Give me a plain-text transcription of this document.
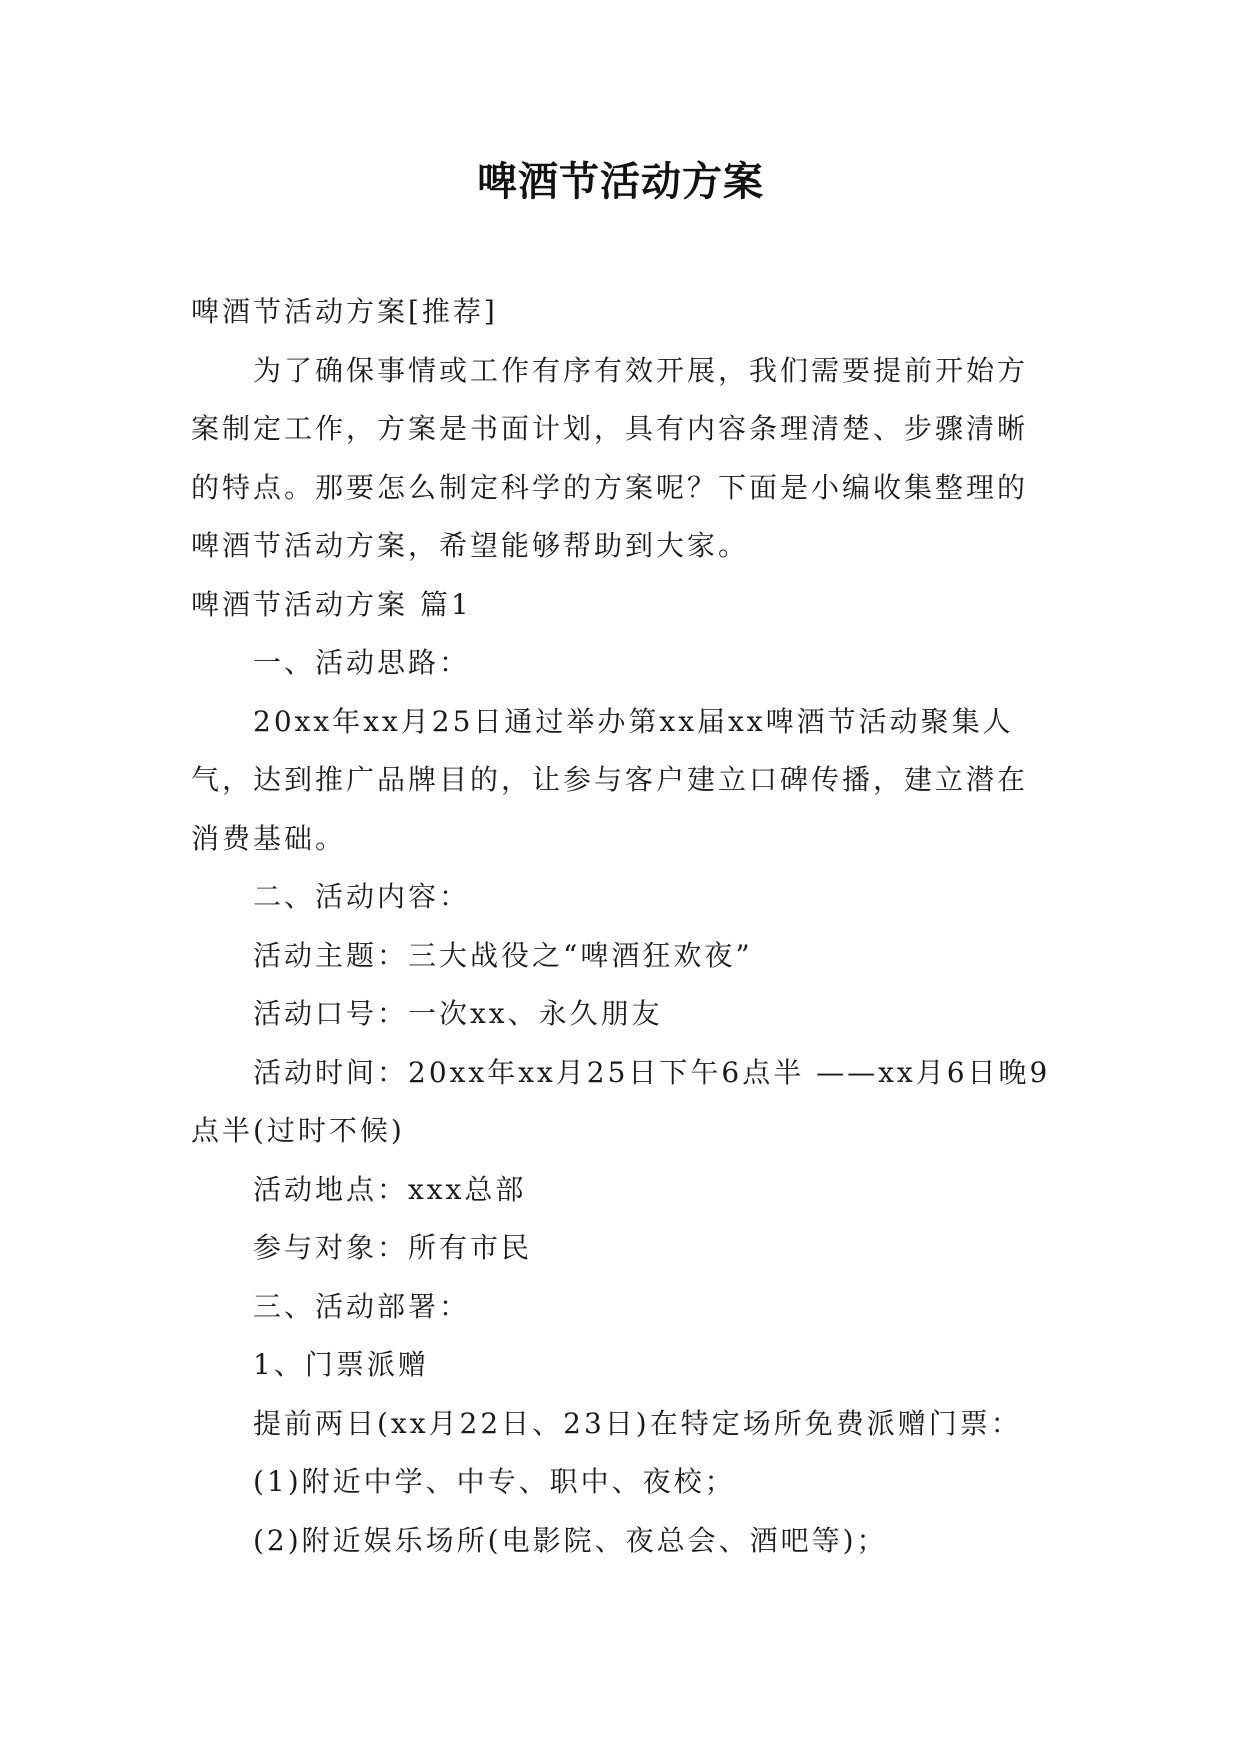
啤酒节活动方案

啤酒节活动方案[推荐]

为了确保事情或工作有序有效开展，我们需要提前开始方案制定工作，方案是书面计划，具有内容条理清楚、步骤清晰的特点。那要怎么制定科学的方案呢？下面是小编收集整理的啤酒节活动方案，希望能够帮助到大家。

啤酒节活动方案 篇1

一、活动思路：

20xx年xx月25日通过举办第xx届xx啤酒节活动聚集人气，达到推广品牌目的，让参与客户建立口碑传播，建立潜在消费基础。

二、活动内容：

活动主题：三大战役之“啤酒狂欢夜”

活动口号：一次xx、永久朋友

活动时间：20xx年xx月25日下午6点半 ——xx月6日晚9点半(过时不候)

活动地点：xxx总部

参与对象：所有市民

三、活动部署：

1、门票派赠

提前两日(xx月22日、23日)在特定场所免费派赠门票：

(1)附近中学、中专、职中、夜校；

(2)附近娱乐场所(电影院、夜总会、酒吧等)；
